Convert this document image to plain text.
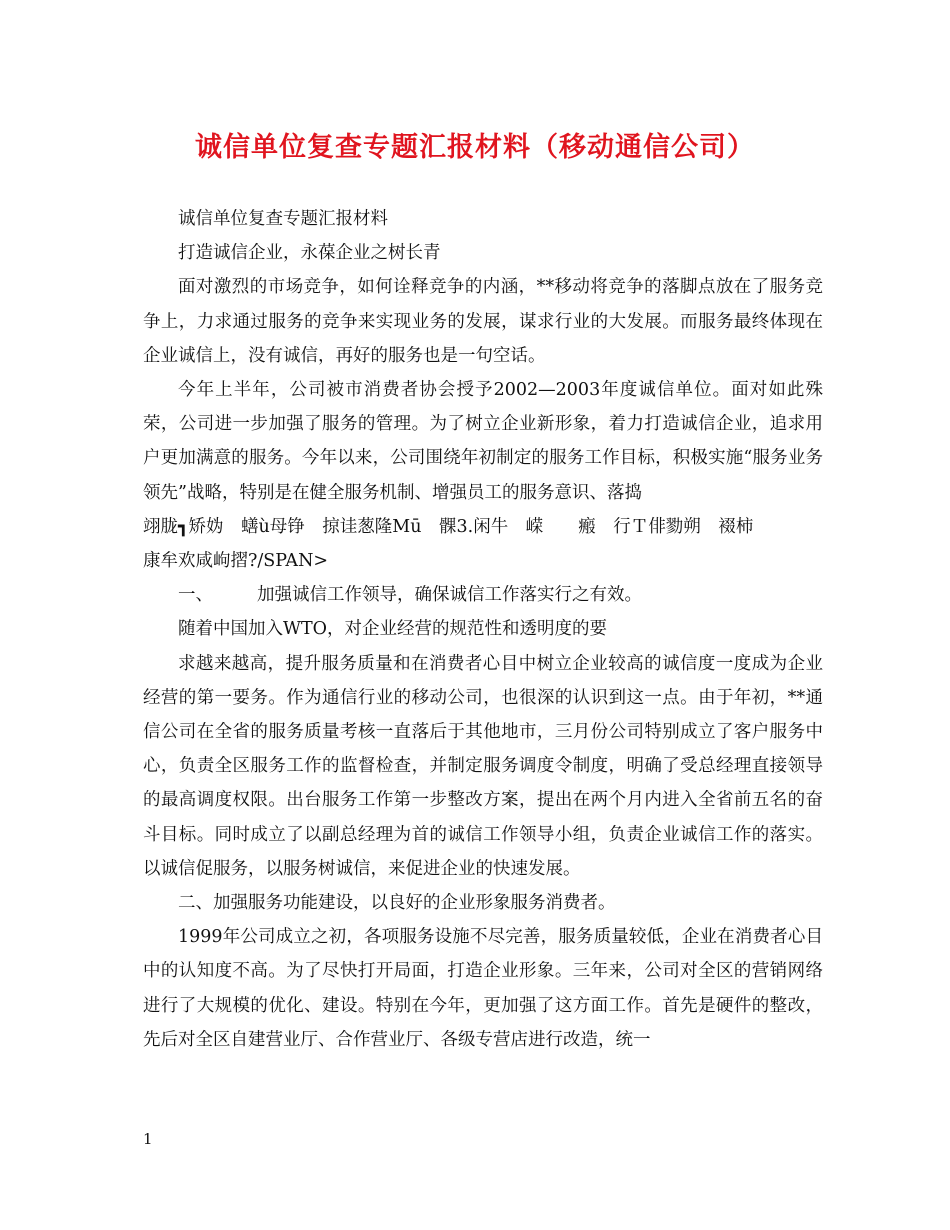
诚信单位复查专题汇报材料（移动通信公司）

诚信单位复查专题汇报材料

打造诚信企业，永葆企业之树长青

面对激烈的市场竞争，如何诠释竞争的内涵，**移动将竞争的落脚点放在了服务竞争上，力求通过服务的竞争来实现业务的发展，谋求行业的大发展。而服务最终体现在企业诚信上，没有诚信，再好的服务也是一句空话。

今年上半年，公司被市消费者协会授予2002—2003年度诚信单位。面对如此殊荣，公司进一步加强了服务的管理。为了树立企业新形象，着力打造诚信企业，追求用户更加满意的服务。今年以来，公司围绕年初制定的服务工作目标，积极实施“服务业务领先”战略，特别是在健全服务机制、增强员工的服务意识、落捣

翊胧┓矫妫　蟮ù母铮　掠诖葱隆Mū　髁3.闲牛　嵘　　瘢　行Ｔ俳勠朔　裰柿

康牟欢咸岣摺?/SPAN>

一、	加强诚信工作领导，确保诚信工作落实行之有效。

随着中国加入WTO，对企业经营的规范性和透明度的要

求越来越高，提升服务质量和在消费者心目中树立企业较高的诚信度一度成为企业经营的第一要务。作为通信行业的移动公司，也很深的认识到这一点。由于年初，**通信公司在全省的服务质量考核一直落后于其他地市，三月份公司特别成立了客户服务中心，负责全区服务工作的监督检查，并制定服务调度令制度，明确了受总经理直接领导的最高调度权限。出台服务工作第一步整改方案，提出在两个月内进入全省前五名的奋斗目标。同时成立了以副总经理为首的诚信工作领导小组，负责企业诚信工作的落实。以诚信促服务，以服务树诚信，来促进企业的快速发展。

二、加强服务功能建设，以良好的企业形象服务消费者。

1999年公司成立之初，各项服务设施不尽完善，服务质量较低，企业在消费者心目中的认知度不高。为了尽快打开局面，打造企业形象。三年来，公司对全区的营销网络进行了大规模的优化、建设。特别在今年，更加强了这方面工作。首先是硬件的整改，先后对全区自建营业厅、合作营业厅、各级专营店进行改造，统一

1
